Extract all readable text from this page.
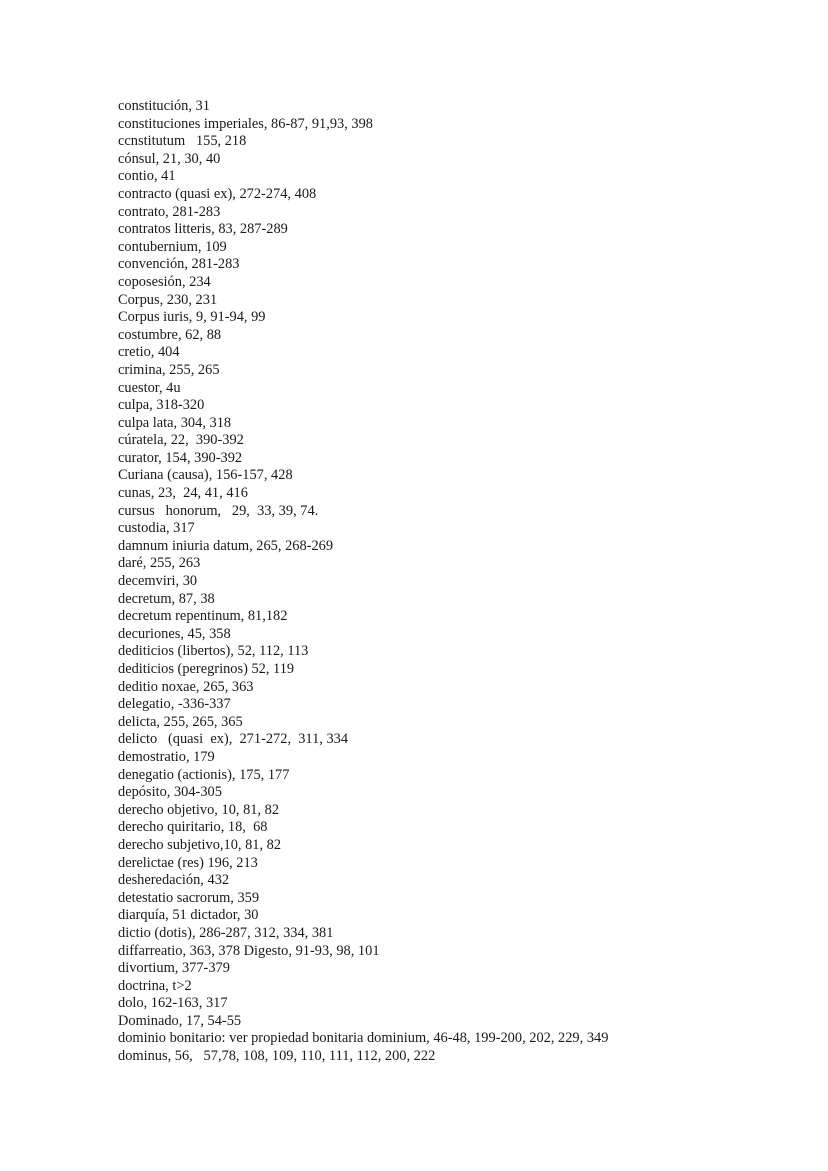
constitución, 31
constituciones imperiales, 86-87, 91,93, 398
ccnstitutum   155, 218
cónsul, 21, 30, 40
contio, 41
contracto (quasi ex), 272-274, 408
contrato, 281-283
contratos litteris, 83, 287-289
contubernium, 109
convención, 281-283
coposesión, 234
Corpus, 230, 231
Corpus iuris, 9, 91-94, 99
costumbre, 62, 88
cretio, 404
crimina, 255, 265
cuestor, 4u
culpa, 318-320
culpa lata, 304, 318
cúratela, 22,  390-392
curator, 154, 390-392
Curiana (causa), 156-157, 428
cunas, 23,  24, 41, 416
cursus   honorum,   29,  33, 39, 74.
custodia, 317
damnum iniuria datum, 265, 268-269
daré, 255, 263
decemviri, 30
decretum, 87, 38
decretum repentinum, 81,182
decuriones, 45, 358
dediticios (libertos), 52, 112, 113
dediticios (peregrinos) 52, 119
deditio noxae, 265, 363
delegatio, -336-337
delicta, 255, 265, 365
delicto   (quasi  ex),  271-272,  311, 334
demostratio, 179
denegatio (actionis), 175, 177
depósito, 304-305
derecho objetivo, 10, 81, 82
derecho quiritario, 18,  68
derecho subjetivo,10, 81, 82
derelictae (res) 196, 213
desheredación, 432
detestatio sacrorum, 359
diarquía, 51 dictador, 30
dictio (dotis), 286-287, 312, 334, 381
diffarreatio, 363, 378 Digesto, 91-93, 98, 101
divortium, 377-379
doctrina, t>2
dolo, 162-163, 317
Dominado, 17, 54-55
dominio bonitario: ver propiedad bonitaria dominium, 46-48, 199-200, 202, 229, 349
dominus, 56,   57,78, 108, 109, 110, 111, 112, 200, 222
